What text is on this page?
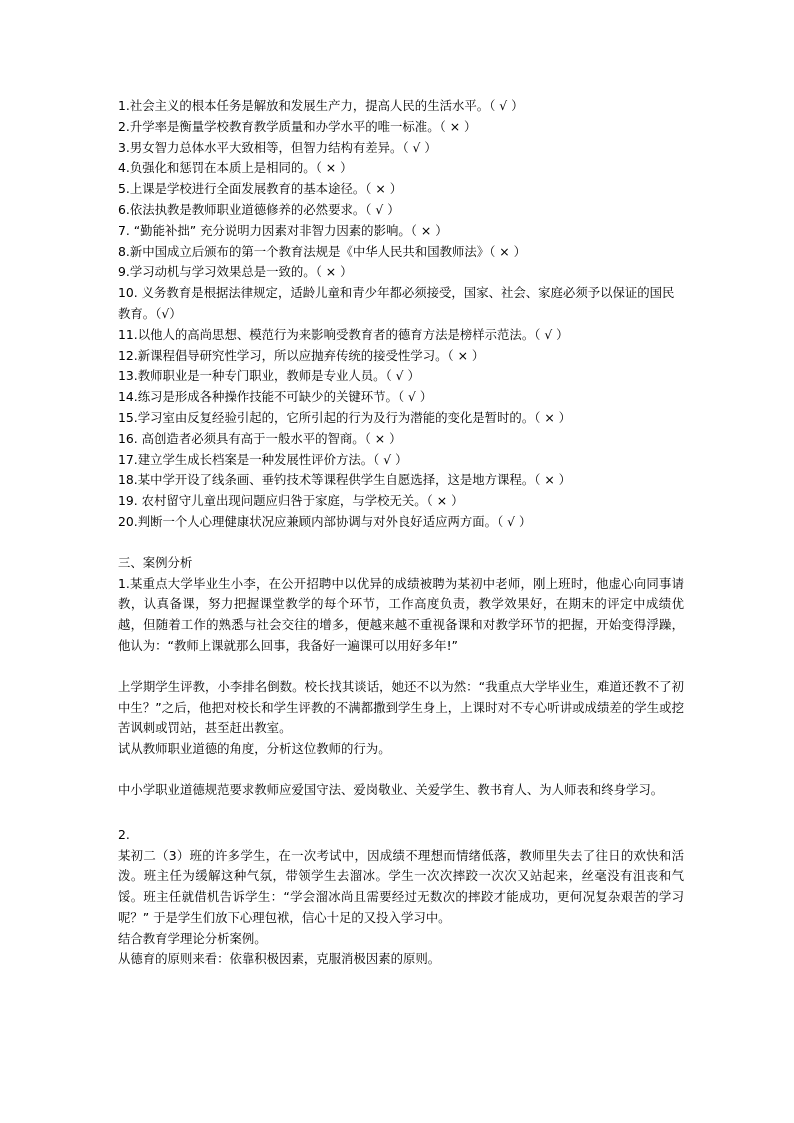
1.社会主义的根本任务是解放和发展生产力，提高人民的生活水平。（ √ ）
2.升学率是衡量学校教育教学质量和办学水平的唯一标准。（ × ）
3.男女智力总体水平大致相等，但智力结构有差异。（ √ ）
4.负强化和惩罚在本质上是相同的。（ × ）
5.上课是学校进行全面发展教育的基本途径。（ × ）
6.依法执教是教师职业道德修养的必然要求。（ √ ）
7. “勤能补拙” 充分说明力因素对非智力因素的影响。（ × ）
8.新中国成立后颁布的第一个教育法规是《中华人民共和国教师法》（ × ）
9.学习动机与学习效果总是一致的。（ × ）
10. 义务教育是根据法律规定，适龄儿童和青少年都必须接受，国家、社会、家庭必须予以保证的国民教育。（√）
11.以他人的高尚思想、模范行为来影响受教育者的德育方法是榜样示范法。（ √ ）
12.新课程倡导研究性学习，所以应抛弃传统的接受性学习。（ × ）
13.教师职业是一种专门职业，教师是专业人员。（ √ ）
14.练习是形成各种操作技能不可缺少的关键环节。（ √ ）
15.学习室由反复经验引起的，它所引起的行为及行为潜能的变化是暂时的。（ × ）
16. 高创造者必须具有高于一般水平的智商。（ × ）
17.建立学生成长档案是一种发展性评价方法。（ √ ）
18.某中学开设了线条画、垂钓技术等课程供学生自愿选择，这是地方课程。（ × ）
19. 农村留守儿童出现问题应归咎于家庭，与学校无关。（ × ）
20.判断一个人心理健康状况应兼顾内部协调与对外良好适应两方面。（ √ ）
三、案例分析

1.某重点大学毕业生小李，在公开招聘中以优异的成绩被聘为某初中老师，刚上班时，他虚心向同事请教，认真备课，努力把握课堂教学的每个环节，工作高度负责，教学效果好，在期末的评定中成绩优越，但随着工作的熟悉与社会交往的增多，便越来越不重视备课和对教学环节的把握，开始变得浮躁，他认为：“教师上课就那么回事，我备好一遍课可以用好多年!”

上学期学生评教，小李排名倒数。校长找其谈话，她还不以为然：“我重点大学毕业生，难道还教不了初中生？”之后，他把对校长和学生评教的不满都撒到学生身上，上课时对不专心听讲或成绩差的学生或挖苦讽刺或罚站，甚至赶出教室。

试从教师职业道德的角度，分析这位教师的行为。

中小学职业道德规范要求教师应爱国守法、爱岗敬业、关爱学生、教书育人、为人师表和终身学习。

2.

某初二（3）班的许多学生，在一次考试中，因成绩不理想而情绪低落，教师里失去了往日的欢快和活泼。班主任为缓解这种气氛，带领学生去溜冰。学生一次次摔跤一次次又站起来，丝毫没有沮丧和气馁。班主任就借机告诉学生：“学会溜冰尚且需要经过无数次的摔跤才能成功，更何况复杂艰苦的学习呢？” 于是学生们放下心理包袱，信心十足的又投入学习中。

结合教育学理论分析案例。

从德育的原则来看：依靠积极因素，克服消极因素的原则。
